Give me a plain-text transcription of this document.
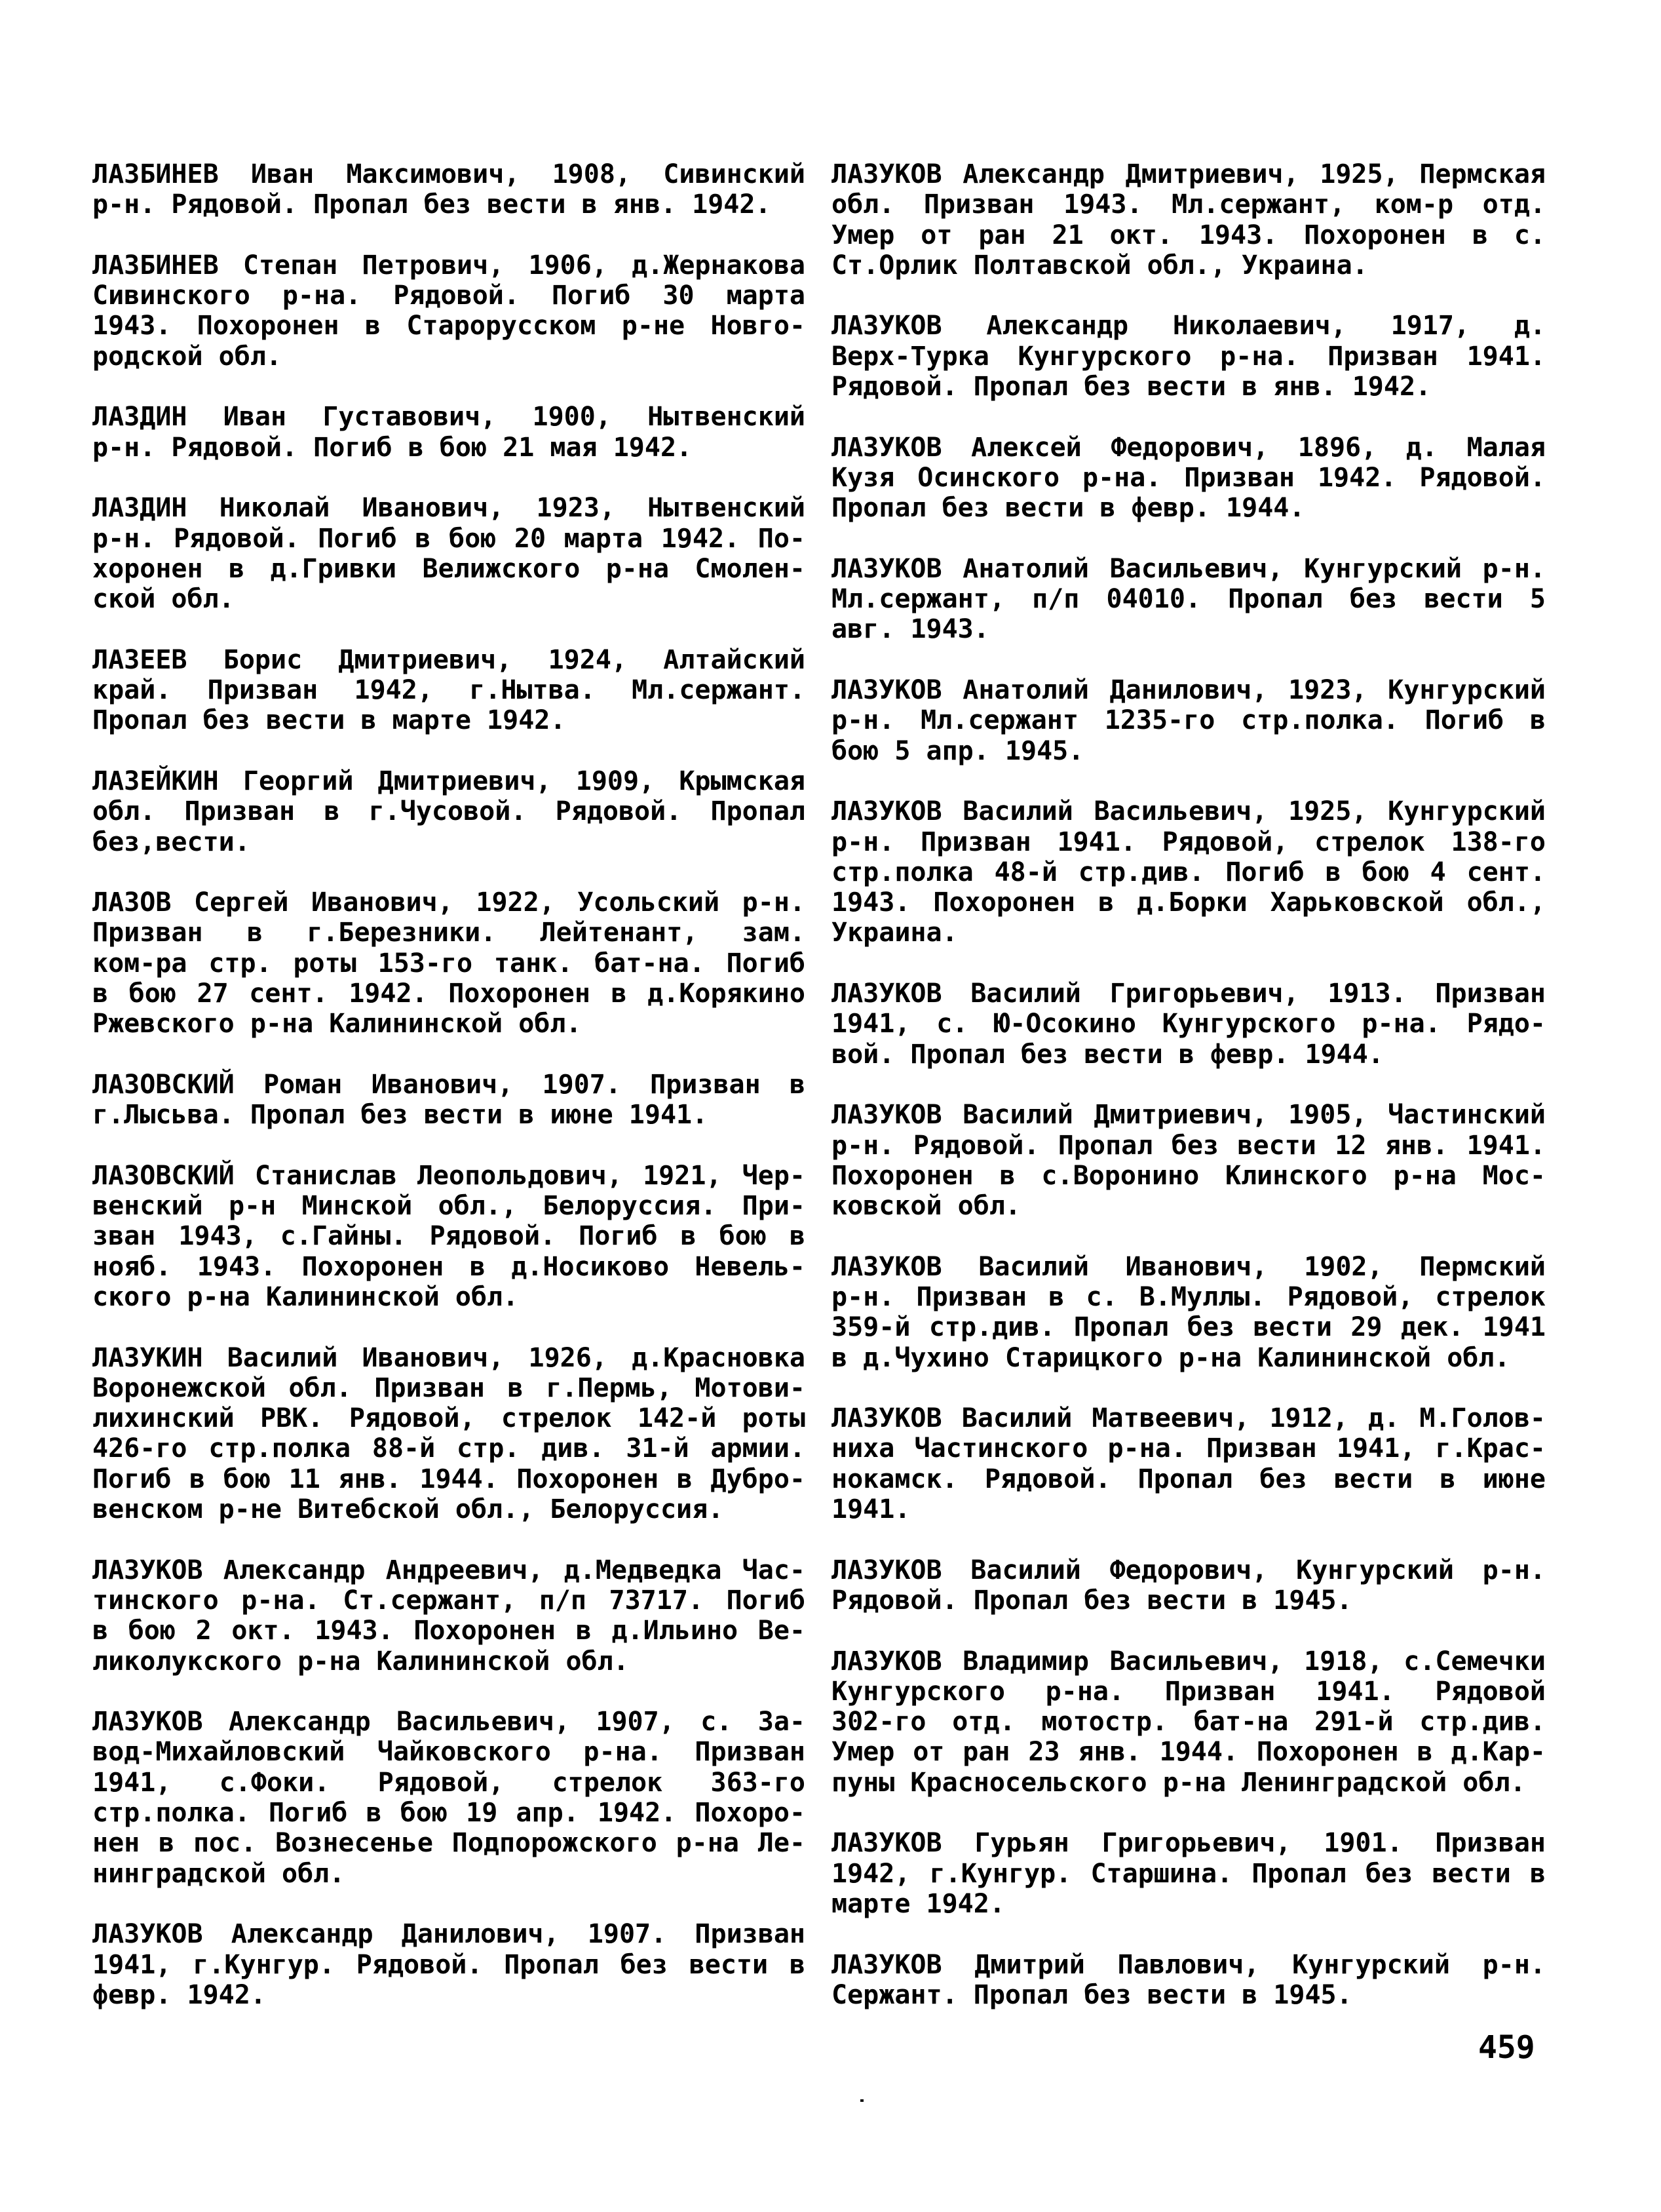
ЛАЗБИНЕВ Иван Максимович, 1908, Сивинский
р-н. Рядовой. Пропал без вести в янв. 1942.
ЛАЗБИНЕВ Степан Петрович, 1906, д.Жернакова
Сивинского р-на. Рядовой. Погиб 30 марта
1943. Похоронен в Старорусском р-не Новго-
родской обл.
ЛАЗДИН Иван Густавович, 1900, Нытвенский
р-н. Рядовой. Погиб в бою 21 мая 1942.
ЛАЗДИН Николай Иванович, 1923, Нытвенский
р-н. Рядовой. Погиб в бою 20 марта 1942. По-
хоронен в д.Гривки Велижского р-на Смолен-
ской обл.
ЛАЗЕЕВ Борис Дмитриевич, 1924, Алтайский
край. Призван 1942, г.Нытва. Мл.сержант.
Пропал без вести в марте 1942.
ЛАЗЕЙКИН Георгий Дмитриевич, 1909, Крымская
обл. Призван в г.Чусовой. Рядовой. Пропал
без,вести.
ЛАЗОВ Сергей Иванович, 1922, Усольский р-н.
Призван в г.Березники. Лейтенант, зам.
ком-ра стр. роты 153-го танк. бат-на. Погиб
в бою 27 сент. 1942. Похоронен в д.Корякино
Ржевского р-на Калининской обл.
ЛАЗОВСКИЙ Роман Иванович, 1907. Призван в
г.Лысьва. Пропал без вести в июне 1941.
ЛАЗОВСКИЙ Станислав Леопольдович, 1921, Чер-
венский р-н Минской обл., Белоруссия. При-
зван 1943, с.Гайны. Рядовой. Погиб в бою в
нояб. 1943. Похоронен в д.Носиково Невель-
ского р-на Калининской обл.
ЛАЗУКИН Василий Иванович, 1926, д.Красновка
Воронежской обл. Призван в г.Пермь, Мотови-
лихинский РВК. Рядовой, стрелок 142-й роты
426-го стр.полка 88-й стр. див. 31-й армии.
Погиб в бою 11 янв. 1944. Похоронен в Дубро-
венском р-не Витебской обл., Белоруссия.
ЛАЗУКОВ Александр Андреевич, д.Медведка Час-
тинского р-на. Ст.сержант, п/п 73717. Погиб
в бою 2 окт. 1943. Похоронен в д.Ильино Ве-
ликолукского р-на Калининской обл.
ЛАЗУКОВ Александр Васильевич, 1907, с. За-
вод-Михайловский Чайковского р-на. Призван
1941, с.Фоки. Рядовой, стрелок 363-го
стр.полка. Погиб в бою 19 апр. 1942. Похоро-
нен в пос. Вознесенье Подпорожского р-на Ле-
нинградской обл.
ЛАЗУКОВ Александр Данилович, 1907. Призван
1941, г.Кунгур. Рядовой. Пропал без вести в
февр. 1942.
ЛАЗУКОВ Александр Дмитриевич, 1925, Пермская
обл. Призван 1943. Мл.сержант, ком-р отд.
Умер от ран 21 окт. 1943. Похоронен в с.
Ст.Орлик Полтавской обл., Украина.
ЛАЗУКОВ Александр Николаевич, 1917, д.
Верх-Турка Кунгурского р-на. Призван 1941.
Рядовой. Пропал без вести в янв. 1942.
ЛАЗУКОВ Алексей Федорович, 1896, д. Малая
Кузя Осинского р-на. Призван 1942. Рядовой.
Пропал без вести в февр. 1944.
ЛАЗУКОВ Анатолий Васильевич, Кунгурский р-н.
Мл.сержант, п/п 04010. Пропал без вести 5
авг. 1943.
ЛАЗУКОВ Анатолий Данилович, 1923, Кунгурский
р-н. Мл.сержант 1235-го стр.полка. Погиб в
бою 5 апр. 1945.
ЛАЗУКОВ Василий Васильевич, 1925, Кунгурский
р-н. Призван 1941. Рядовой, стрелок 138-го
стр.полка 48-й стр.див. Погиб в бою 4 сент.
1943. Похоронен в д.Борки Харьковской обл.,
Украина.
ЛАЗУКОВ Василий Григорьевич, 1913. Призван
1941, с. Ю-Осокино Кунгурского р-на. Рядо-
вой. Пропал без вести в февр. 1944.
ЛАЗУКОВ Василий Дмитриевич, 1905, Частинский
р-н. Рядовой. Пропал без вести 12 янв. 1941.
Похоронен в с.Воронино Клинского р-на Мос-
ковской обл.
ЛАЗУКОВ Василий Иванович, 1902, Пермский
р-н. Призван в с. В.Муллы. Рядовой, стрелок
359-й стр.див. Пропал без вести 29 дек. 1941
в д.Чухино Старицкого р-на Калининской обл.
ЛАЗУКОВ Василий Матвеевич, 1912, д. М.Голов-
ниха Частинского р-на. Призван 1941, г.Крас-
нокамск. Рядовой. Пропал без вести в июне
1941.
ЛАЗУКОВ Василий Федорович, Кунгурский р-н.
Рядовой. Пропал без вести в 1945.
ЛАЗУКОВ Владимир Васильевич, 1918, с.Семечки
Кунгурского р-на. Призван 1941. Рядовой
302-го отд. мотостр. бат-на 291-й стр.див.
Умер от ран 23 янв. 1944. Похоронен в д.Кар-
пуны Красносельского р-на Ленинградской обл.
ЛАЗУКОВ Гурьян Григорьевич, 1901. Призван
1942, г.Кунгур. Старшина. Пропал без вести в
марте 1942.
ЛАЗУКОВ Дмитрий Павлович, Кунгурский р-н.
Сержант. Пропал без вести в 1945.
459
